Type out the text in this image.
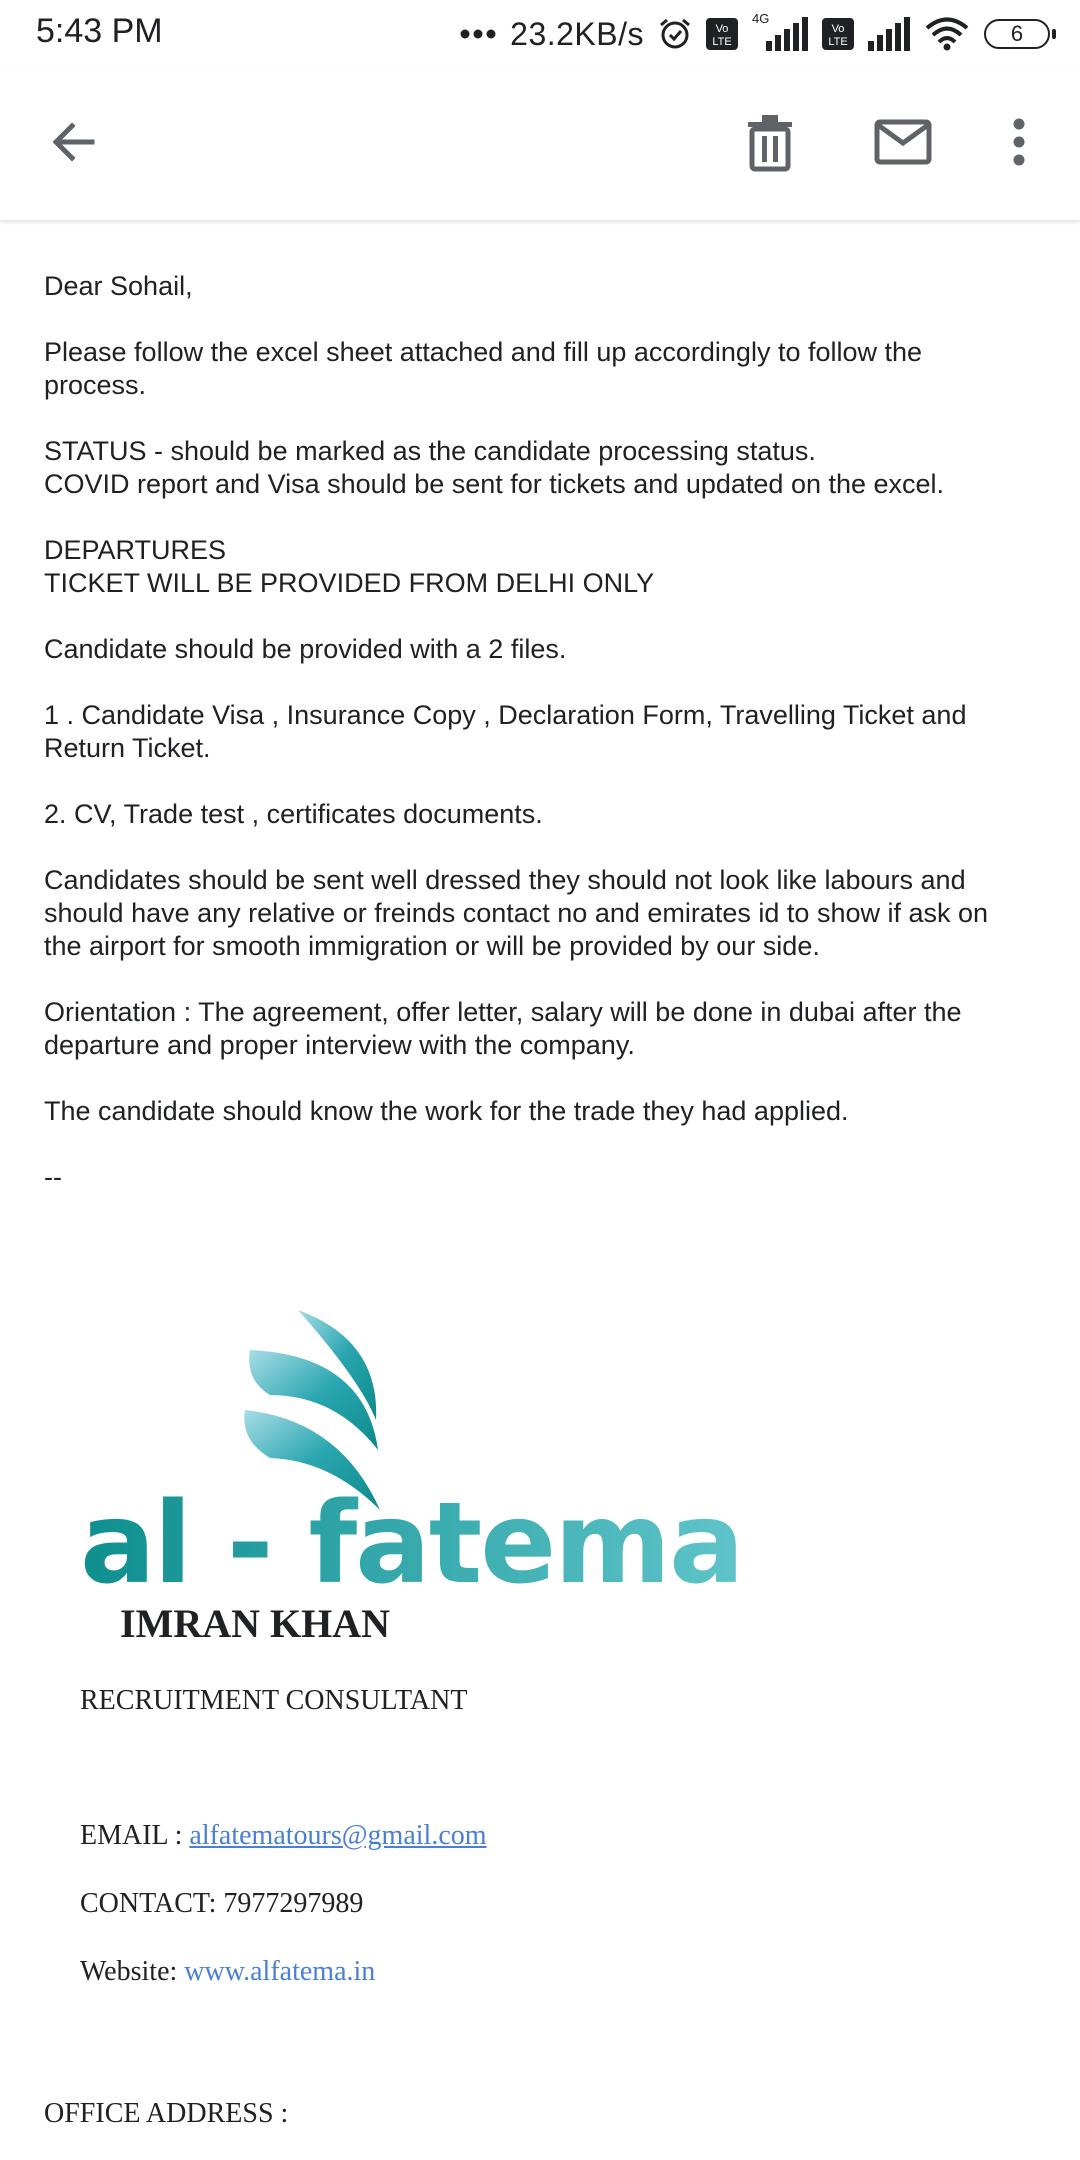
5:43 PM	23.2KB/s	Vo
LTE
4G
Vo
LTE	6

Dear Sohail,

Please follow the excel sheet attached and fill up accordingly to follow the
process.

STATUS - should be marked as the candidate processing status.
COVID report and Visa should be sent for tickets and updated on the excel.

DEPARTURES
TICKET WILL BE PROVIDED FROM DELHI ONLY

Candidate should be provided with a 2 files.

1 . Candidate Visa , Insurance Copy , Declaration Form, Travelling Ticket and
Return Ticket.

2. CV, Trade test , certificates documents.

Candidates should be sent well dressed they should not look like labours and
should have any relative or freinds contact no and emirates id to show if ask on
the airport for smooth immigration or will be provided by our side.

Orientation : The agreement, offer letter, salary will be done in dubai after the
departure and proper interview with the company.

The candidate should know the work for the trade they had applied.

--

al - fatema
IMRAN KHAN
RECRUITMENT CONSULTANT
EMAIL : alfatematours@gmail.com
CONTACT: 7977297989
Website: www.alfatema.in
OFFICE ADDRESS :
